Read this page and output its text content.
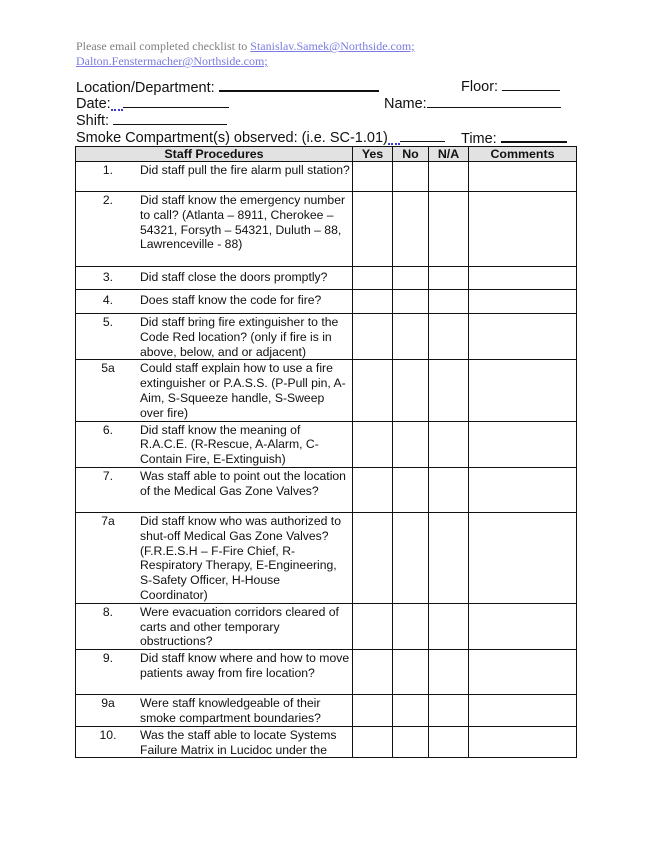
Please email completed checklist to Stanislav.Samek@Northside.com;
Dalton.Fenstermacher@Northside.com;
Location/Department:	Floor:
Date:	Name:
Shift:
Smoke Compartment(s) observed: (i.e. SC-1.01)	Time:
Staff Procedures	Yes	No	N/A	Comments

1. Did staff pull the fire alarm pull station?				

2. Did staff know the emergency number to call? (Atlanta – 8911, Cherokee – 54321, Forsyth – 54321, Duluth – 88, Lawrenceville - 88)				

3. Did staff close the doors promptly?				

4. Does staff know the code for fire?				

5. Did staff bring fire extinguisher to the Code Red location? (only if fire is in above, below, and or adjacent)				

5a Could staff explain how to use a fire extinguisher or P.A.S.S. (P-Pull pin, A-Aim, S-Squeeze handle, S-Sweep over fire)				

6. Did staff know the meaning of R.A.C.E. (R-Rescue, A-Alarm, C-Contain Fire, E-Extinguish)				

7. Was staff able to point out the location of the Medical Gas Zone Valves?				

7a Did staff know who was authorized to shut-off Medical Gas Zone Valves? (F.R.E.S.H – F-Fire Chief, R-Respiratory Therapy, E-Engineering, S-Safety Officer, H-House Coordinator)				

8. Were evacuation corridors cleared of carts and other temporary obstructions?				

9. Did staff know where and how to move patients away from fire location?				

9a Were staff knowledgeable of their smoke compartment boundaries?				

10. Was the staff able to locate Systems Failure Matrix in Lucidoc under the				
